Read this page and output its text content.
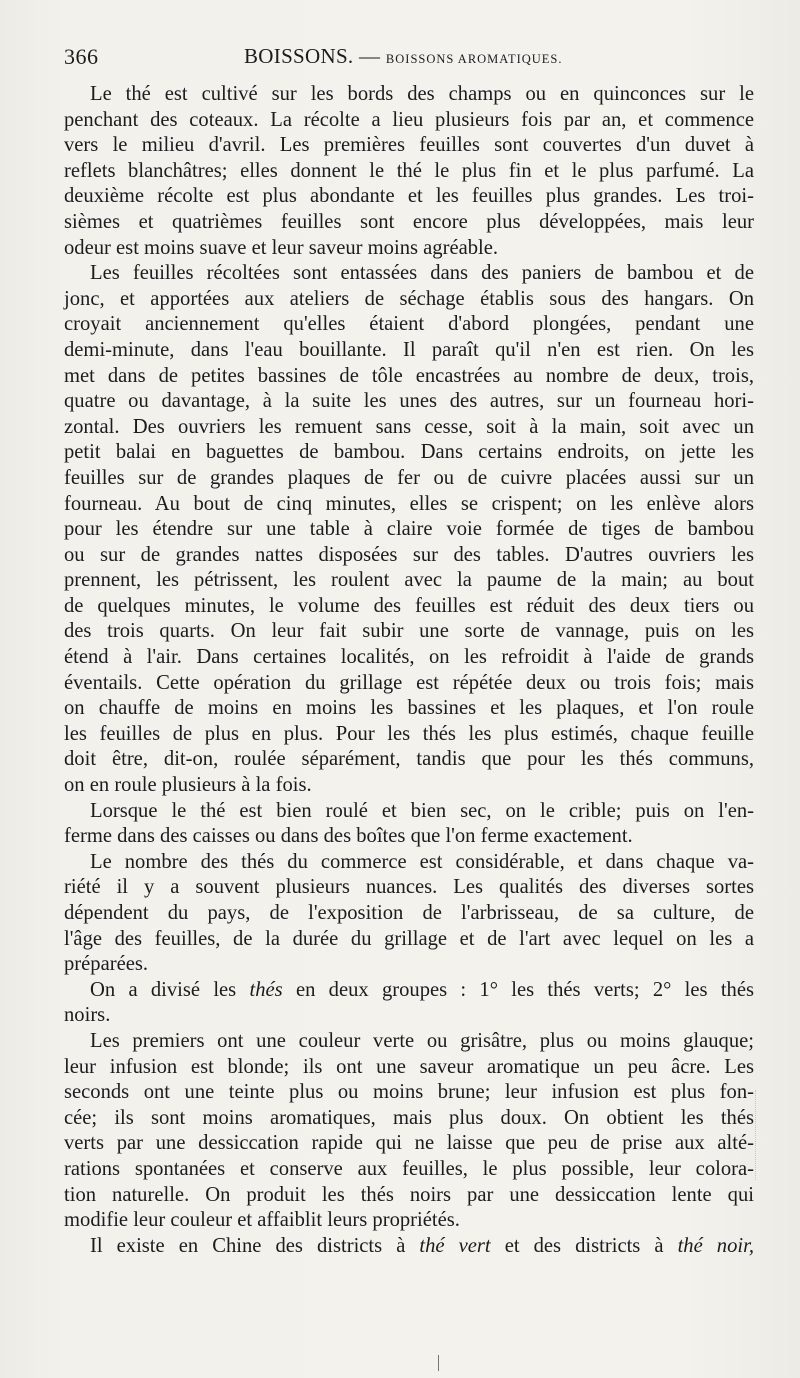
366	BOISSONS. — BOISSONS AROMATIQUES.
Le thé est cultivé sur les bords des champs ou en quinconces sur le
penchant des coteaux. La récolte a lieu plusieurs fois par an, et commence
vers le milieu d'avril. Les premières feuilles sont couvertes d'un duvet à
reflets blanchâtres; elles donnent le thé le plus fin et le plus parfumé. La
deuxième récolte est plus abondante et les feuilles plus grandes. Les troi-
sièmes et quatrièmes feuilles sont encore plus développées, mais leur
odeur est moins suave et leur saveur moins agréable.
Les feuilles récoltées sont entassées dans des paniers de bambou et de
jonc, et apportées aux ateliers de séchage établis sous des hangars. On
croyait anciennement qu'elles étaient d'abord plongées, pendant une
demi-minute, dans l'eau bouillante. Il paraît qu'il n'en est rien. On les
met dans de petites bassines de tôle encastrées au nombre de deux, trois,
quatre ou davantage, à la suite les unes des autres, sur un fourneau hori-
zontal. Des ouvriers les remuent sans cesse, soit à la main, soit avec un
petit balai en baguettes de bambou. Dans certains endroits, on jette les
feuilles sur de grandes plaques de fer ou de cuivre placées aussi sur un
fourneau. Au bout de cinq minutes, elles se crispent; on les enlève alors
pour les étendre sur une table à claire voie formée de tiges de bambou
ou sur de grandes nattes disposées sur des tables. D'autres ouvriers les
prennent, les pétrissent, les roulent avec la paume de la main; au bout
de quelques minutes, le volume des feuilles est réduit des deux tiers ou
des trois quarts. On leur fait subir une sorte de vannage, puis on les
étend à l'air. Dans certaines localités, on les refroidit à l'aide de grands
éventails. Cette opération du grillage est répétée deux ou trois fois; mais
on chauffe de moins en moins les bassines et les plaques, et l'on roule
les feuilles de plus en plus. Pour les thés les plus estimés, chaque feuille
doit être, dit-on, roulée séparément, tandis que pour les thés communs,
on en roule plusieurs à la fois.
Lorsque le thé est bien roulé et bien sec, on le crible; puis on l'en-
ferme dans des caisses ou dans des boîtes que l'on ferme exactement.
Le nombre des thés du commerce est considérable, et dans chaque va-
riété il y a souvent plusieurs nuances. Les qualités des diverses sortes
dépendent du pays, de l'exposition de l'arbrisseau, de sa culture, de
l'âge des feuilles, de la durée du grillage et de l'art avec lequel on les a
préparées.
On a divisé les thés en deux groupes : 1° les thés verts; 2° les thés
noirs.
Les premiers ont une couleur verte ou grisâtre, plus ou moins glauque;
leur infusion est blonde; ils ont une saveur aromatique un peu âcre. Les
seconds ont une teinte plus ou moins brune; leur infusion est plus fon-
cée; ils sont moins aromatiques, mais plus doux. On obtient les thés
verts par une dessiccation rapide qui ne laisse que peu de prise aux alté-
rations spontanées et conserve aux feuilles, le plus possible, leur colora-
tion naturelle. On produit les thés noirs par une dessiccation lente qui
modifie leur couleur et affaiblit leurs propriétés.
Il existe en Chine des districts à thé vert et des districts à thé noir,
